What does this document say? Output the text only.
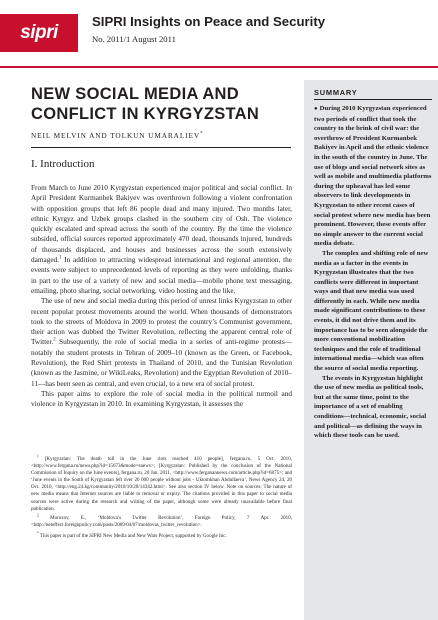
sipri
SIPRI Insights on Peace and Security
No. 2011/1 August 2011
NEW SOCIAL MEDIA AND CONFLICT IN KYRGYZSTAN
NEIL MELVIN AND TOLKUN UMARALIEV*
I. Introduction

From March to June 2010 Kyrgyzstan experienced major political and social conflict. In April President Kurmanbek Bakiyev was overthrown following a violent confrontation with opposition groups that left 86 people dead and many injured. Two months later, ethnic Kyrgyz and Uzbek groups clashed in the southern city of Osh. The violence quickly escalated and spread across the south of the country. By the time the violence subsided, official sources reported approximately 470 dead, thousands injured, hundreds of thousands displaced, and houses and businesses across the south extensively damaged.$^1$ In addition to attracting widespread international and regional attention, the events were subject to unprecedented levels of reporting as they were unfolding, thanks in part to the use of a variety of new and social media—mobile phone text messaging, emailing, photo sharing, social networking, video hosting and the like.

The use of new and social media during this period of unrest links Kyrgyzstan to other recent popular protest movements around the world. When thousands of demonstrators took to the streets of Moldova in 2009 to protest the country’s Communist government, their action was dubbed the Twitter Revolution, reflecting the apparent central role of Twitter.$^2$ Subsequently, the role of social media in a series of anti-regime protests—notably the student protests in Tehran of 2009–10 (known as the Green, or Facebook, Revolution), the Red Shirt protests in Thailand of 2010, and the Tunisian Revolution (known as the Jasmine, or WikiLeaks, Revolution) and the Egyptian Revolution of 2010–11—has been seen as central, and even crucial, to a new era of social protest.

This paper aims to explore the role of social media in the political turmoil and violence in Kyrgyzstan in 2010. In examining Kyrgyzstan, it assesses the

$^1$ [Kyrgyzstan: The death toll in the June riots reached 410 people], fergana.ru, 5 Oct. 2010, <http://www.fergana.ru/news.php?id=15673&mode=snews>; [Kyrgyzstan: Published by the conclusion of the National Commission of Inquiry on the June events], fergana.ru, 20 Jan. 2011, <http://www.ferganannews.com/article.php?id=6875>; and ‘June events in the South of Kyrgyzstan left over 20 000 people without jobs - Uktomkhan Abdullaeva’, News Agency 24, 20 Oct. 2010, <http://eng.24.kg/community/2010/10/20/14342.html>. See also section IV below. Note on sources: The nature of new media means that Internet sources are liable to removal or expiry. The citations provided in this paper to social media sources were active during the research and writing of the paper, although some were already unavailable before final publication.

$^2$ Morozov, E., ‘Moldova’s Twitter Revolution’, Foreign Policy, 7 Apr. 2010, <http://neteffect.foreignpolicy.com/posts/2009/04/07/moldovas_twitter_revolution>.

* This paper is part of the SIPRI New Media and New Wars Project, supported by Google Inc.

SUMMARY

● During 2010 Kyrgyzstan experienced two periods of conflict that took the country to the brink of civil war: the overthrow of President Kurmanbek Bakiyev in April and the ethnic violence in the south of the country in June. The use of blogs and social network sites as well as mobile and multimedia platforms during the upheaval has led some observers to link developments in Kyrgyzstan to other recent cases of social protest where new media has been prominent. However, these events offer no simple answer to the current social media debate.

The complex and shifting role of new media as a factor in the events in Kyrgyzstan illustrates that the two conflicts were different in important ways and that new media was used differently in each. While new media made significant contributions to these events, it did not drive them and its importance has to be seen alongside the more conventional mobilization techniques and the role of traditional international media—which was often the source of social media reporting.

The events in Kyrgyzstan highlight the use of new media as political tools, but at the same time, point to the importance of a set of enabling conditions—technical, economic, social and political—as defining the ways in which these tools can be used.
